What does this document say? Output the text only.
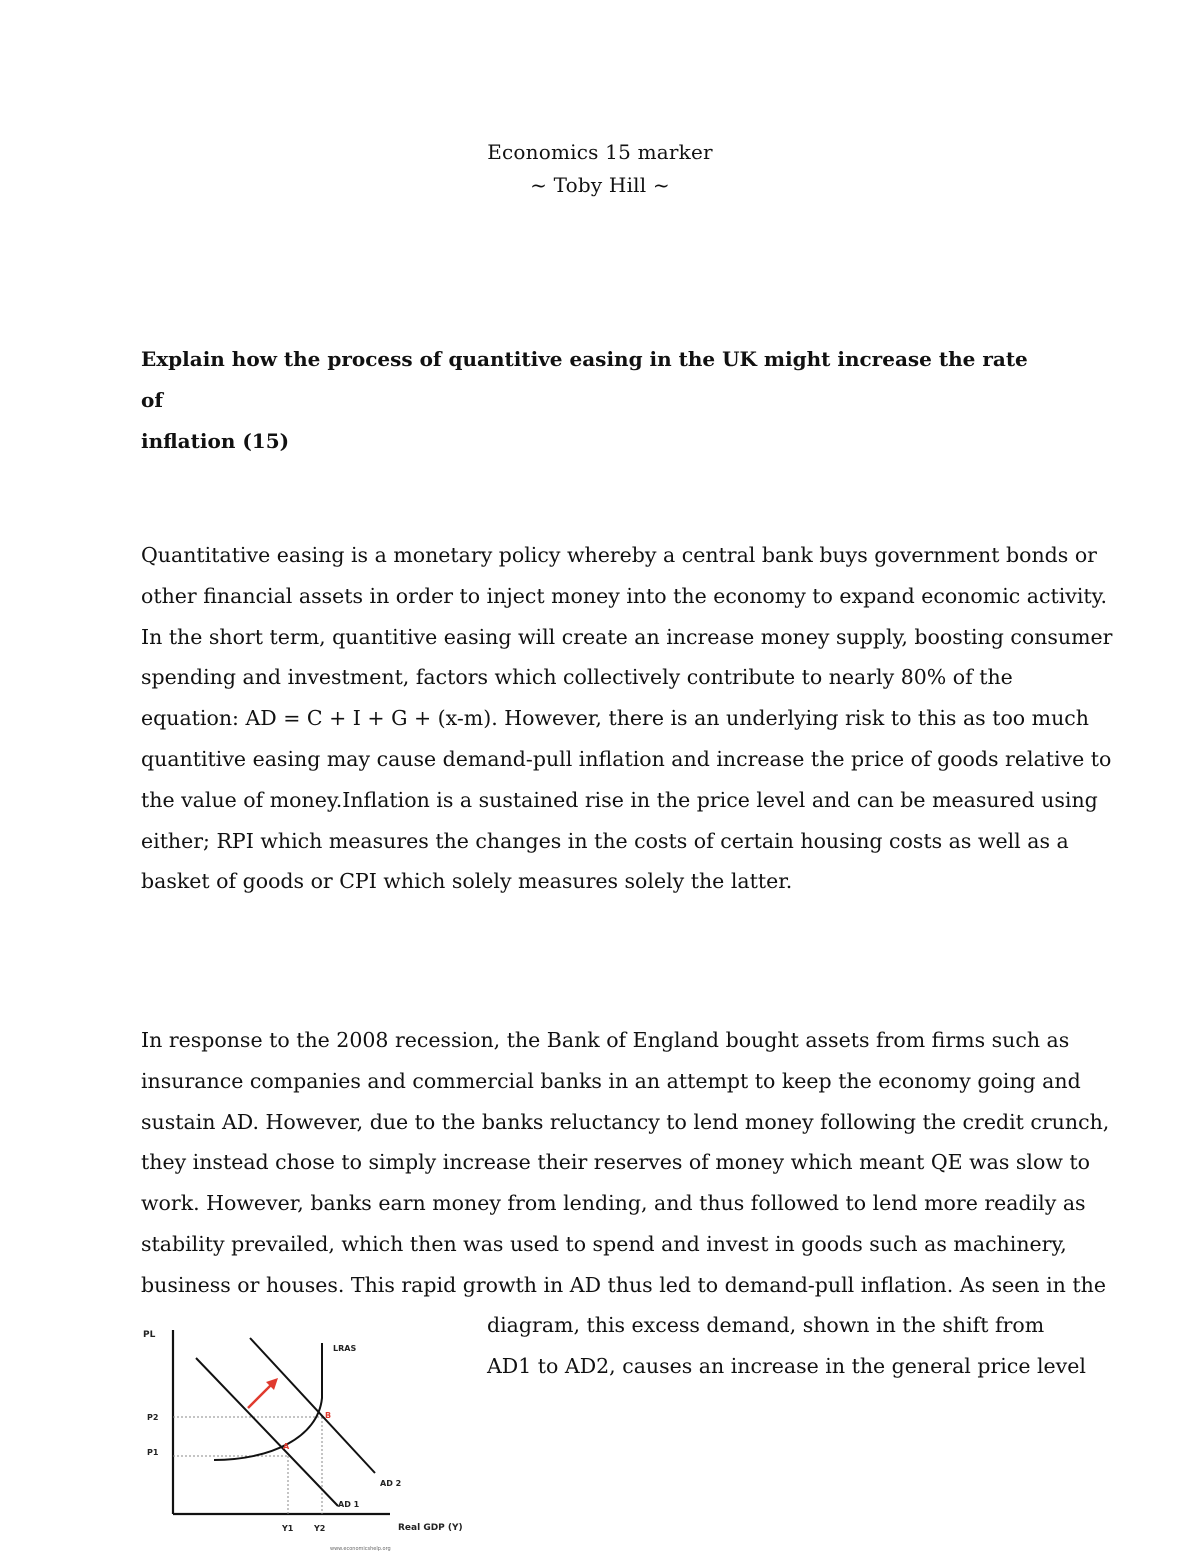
Economics 15 marker
~ Toby Hill ~
Explain how the process of quantitive easing in the UK might increase the rate of
inflation (15)
Quantitative easing is a monetary policy whereby a central bank buys government bonds or
other financial assets in order to inject money into the economy to expand economic activity.
In the short term, quantitive easing will create an increase money supply, boosting consumer
spending and investment, factors which collectively contribute to nearly 80% of the
equation: AD = C + I + G + (x-m). However, there is an underlying risk to this as too much
quantitive easing may cause demand-pull inflation and increase the price of goods relative to
the value of money.Inflation is a sustained rise in the price level and can be measured using
either; RPI which measures the changes in the costs of certain housing costs as well as a
basket of goods or CPI which solely measures solely the latter.
In response to the 2008 recession, the Bank of England bought assets from firms such as
insurance companies and commercial banks in an attempt to keep the economy going and
sustain AD. However, due to the banks reluctancy to lend money following the credit crunch,
they instead chose to simply increase their reserves of money which meant QE was slow to
work. However, banks earn money from lending, and thus followed to lend more readily as
stability prevailed, which then was used to spend and invest in goods such as machinery,
business or houses. This rapid growth in AD thus led to demand-pull inflation. As seen in the
diagram, this excess demand, shown in the shift from
AD1 to AD2, causes an increase in the general price level
PL
Real GDP (Y)
LRAS
AD 2
AD 1
P2
P1
Y1	Y2
A
B
www.economicshelp.org
